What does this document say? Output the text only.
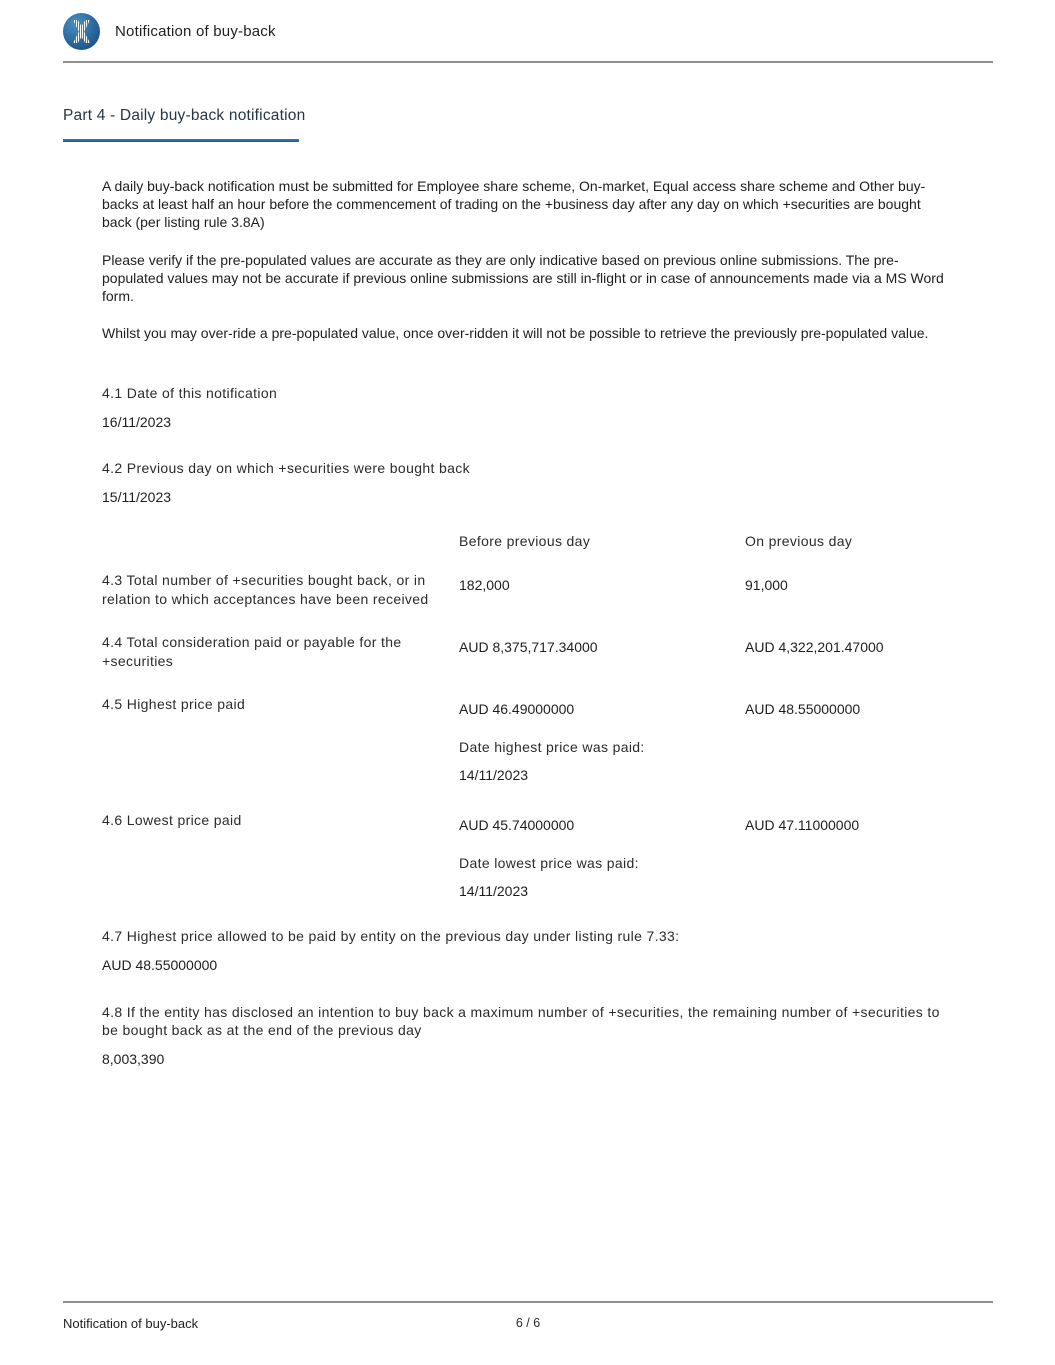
Notification of buy-back
Part 4 - Daily buy-back notification

A daily buy-back notification must be submitted for Employee share scheme, On-market, Equal access share scheme and Other buy-backs at least half an hour before the commencement of trading on the +business day after any day on which +securities are bought back (per listing rule 3.8A)

Please verify if the pre-populated values are accurate as they are only indicative based on previous online submissions. The pre-populated values may not be accurate if previous online submissions are still in-flight or in case of announcements made via a MS Word form.

Whilst you may over-ride a pre-populated value, once over-ridden it will not be possible to retrieve the previously pre-populated value.

4.1 Date of this notification
16/11/2023
4.2 Previous day on which +securities were bought back
15/11/2023
Before previous day	On previous day
4.3 Total number of +securities bought back, or in relation to which acceptances have been received
182,000	91,000
4.4 Total consideration paid or payable for the +securities
AUD 8,375,717.34000	AUD 4,322,201.47000
4.5 Highest price paid	AUD 46.49000000	AUD 48.55000000
Date highest price was paid:
14/11/2023
4.6 Lowest price paid	AUD 45.74000000	AUD 47.11000000
Date lowest price was paid:
14/11/2023
4.7 Highest price allowed to be paid by entity on the previous day under listing rule 7.33:
AUD 48.55000000
4.8 If the entity has disclosed an intention to buy back a maximum number of +securities, the remaining number of +securities to be bought back as at the end of the previous day
8,003,390
Notification of buy-back	6 / 6
